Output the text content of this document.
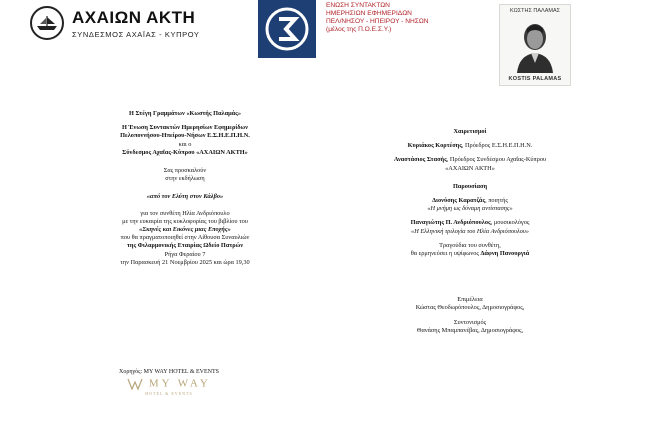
ΑΧΑΙΩΝ ΑΚΤΗ
ΣΥΝΔΕΣΜΟΣ ΑΧΑΪΑΣ - ΚΥΠΡΟΥ
ΕΝΩΣΗ ΣΥΝΤΑΚΤΩΝ
ΗΜΕΡΗΣΙΩΝ ΕΦΗΜΕΡΙΔΩΝ
ΠΕΛ/ΝΗΣΟΥ - ΗΠΕΙΡΟΥ - ΝΗΣΩΝ
(μέλος της Π.Ο.Ε.Σ.Υ.)
ΚΩΣΤΗΣ ΠΑΛΑΜΑΣ
KOSTIS PALAMAS
Η Στέγη Γραμμάτων «Κωστής Παλαμάς»
Η Ένωση Συντακτών Ημερησίων Εφημερίδων
Πελοποννήσου-Ηπείρου-Νήσων Ε.Σ.Η.Ε.Π.Η.Ν.
και ο
Σύνδεσμος Αχαΐας-Κύπρου «ΑΧΑΙΩΝ ΑΚΤΗ»
Σας προσκαλούν
στην εκδήλωση
«από τον Ελύτη στον Κάλβο»
για τον συνθέτη Ηλία Ανδριόπουλο
με την ευκαιρία της κυκλοφορίας του βιβλίου του
«Σκηνές και Εικόνες μιας Εποχής»
που θα πραγματοποιηθεί στην Αίθουσα Συναυλιών
της Φιλαρμονικής Εταιρίας Ωδείο Πατρών
Ρήγα Φεραίου 7
την Παρασκευή 21 Νοεμβρίου 2025 και ώρα 19,30
Χορηγός: MY WAY HOTEL & EVENTS
MY WAY
HOTEL & EVENTS
Χαιρετισμοί
Κυριάκος Κορτέσης, Πρόεδρος Ε.Σ.Η.Ε.Π.Η.Ν.
Αναστάσιος Στασής, Πρόεδρος Συνδέσμου Αχαΐας-Κύπρου
«ΑΧΑΙΩΝ ΑΚΤΗ»
Παρουσίαση
Διονύσης Καρατζάς, ποιητής
«Η μνήμη ως δύναμη αντίστασης»
Παναγιώτης Π. Ανδριόπουλος, μουσικολόγος
«Η Ελληνική τριλογία του Ηλία Ανδριόπουλου»
Τραγούδια του συνθέτη,
θα ερμηνεύσει η υψίφωνος Δάφνη Πανουργιά
Επιμέλεια
Κώστας Θεοδωρόπουλος, Δημοσιογράφος,
Συντονισμός
Θανάσης Μπαμπανέβας, Δημοσιογράφος,
